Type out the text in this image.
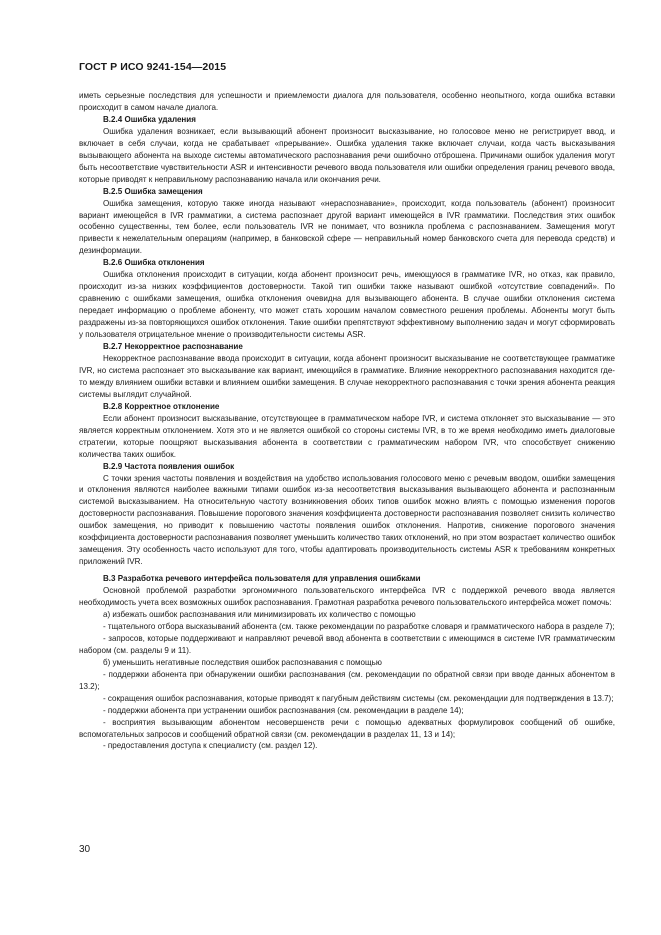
ГОСТ Р ИСО 9241-154—2015

иметь серьезные последствия для успешности и приемлемости диалога для пользователя, особенно неопытного, когда ошибка вставки происходит в самом начале диалога.

B.2.4 Ошибка удаления

Ошибка удаления возникает, если вызывающий абонент произносит высказывание, но голосовое меню не регистрирует ввод, и включает в себя случаи, когда не срабатывает «прерывание». Ошибка удаления также включает случаи, когда часть высказывания вызывающего абонента на выходе системы автоматического распознавания речи ошибочно отброшена. Причинами ошибок удаления могут быть несоответствие чувствительности ASR и интенсивности речевого ввода пользователя или ошибки определения границ речевого ввода, которые приводят к неправильному распознаванию начала или окончания речи.

B.2.5 Ошибка замещения

Ошибка замещения, которую также иногда называют «нераспознавание», происходит, когда пользователь (абонент) произносит вариант имеющейся в IVR грамматики, а система распознает другой вариант имеющейся в IVR грамматики. Последствия этих ошибок особенно существенны, тем более, если пользователь IVR не понимает, что возникла проблема с распознаванием. Замещения могут привести к нежелательным операциям (например, в банковской сфере — неправильный номер банковского счета для перевода средств) и дезинформации.

B.2.6 Ошибка отклонения

Ошибка отклонения происходит в ситуации, когда абонент произносит речь, имеющуюся в грамматике IVR, но отказ, как правило, происходит из-за низких коэффициентов достоверности. Такой тип ошибки также называют ошибкой «отсутствие совпадений». По сравнению с ошибками замещения, ошибка отклонения очевидна для вызывающего абонента. В случае ошибки отклонения система передает информацию о проблеме абоненту, что может стать хорошим началом совместного решения проблемы. Абоненты могут быть раздражены из-за повторяющихся ошибок отклонения. Такие ошибки препятствуют эффективному выполнению задач и могут сформировать у пользователя отрицательное мнение о производительности системы ASR.

B.2.7 Некорректное распознавание

Некорректное распознавание ввода происходит в ситуации, когда абонент произносит высказывание не соответствующее грамматике IVR, но система распознает это высказывание как вариант, имеющийся в грамматике. Влияние некорректного распознавания находится где-то между влиянием ошибки вставки и влиянием ошибки замещения. В случае некорректного распознавания с точки зрения абонента реакция системы выглядит случайной.

B.2.8 Корректное отклонение

Если абонент произносит высказывание, отсутствующее в грамматическом наборе IVR, и система отклоняет это высказывание — это является корректным отклонением. Хотя это и не является ошибкой со стороны системы IVR, в то же время необходимо иметь диалоговые стратегии, которые поощряют высказывания абонента в соответствии с грамматическим набором IVR, что способствует снижению количества таких ошибок.

B.2.9 Частота появления ошибок

С точки зрения частоты появления и воздействия на удобство использования голосового меню с речевым вводом, ошибки замещения и отклонения являются наиболее важными типами ошибок из-за несоответствия высказывания вызывающего абонента и распознанным системой высказыванием. На относительную частоту возникновения обоих типов ошибок можно влиять с помощью изменения порогов достоверности распознавания. Повышение порогового значения коэффициента достоверности распознавания позволяет снизить количество ошибок замещения, но приводит к повышению частоты появления ошибок отклонения. Напротив, снижение порогового значения коэффициента достоверности распознавания позволяет уменьшить количество таких отклонений, но при этом возрастает количество ошибок замещения. Эту особенность часто используют для того, чтобы адаптировать производительность системы ASR к требованиям конкретных приложений IVR.

B.3 Разработка речевого интерфейса пользователя для управления ошибками

Основной проблемой разработки эргономичного пользовательского интерфейса IVR с поддержкой речевого ввода является необходимость учета всех возможных ошибок распознавания. Грамотная разработка речевого пользовательского интерфейса может помочь:

а) избежать ошибок распознавания или минимизировать их количество с помощью

- тщательного отбора высказываний абонента (см. также рекомендации по разработке словаря и грамматического набора в разделе 7);

- запросов, которые поддерживают и направляют речевой ввод абонента в соответствии с имеющимся в системе IVR грамматическим набором (см. разделы 9 и 11).

б) уменьшить негативные последствия ошибок распознавания с помощью

- поддержки абонента при обнаружении ошибки распознавания (см. рекомендации по обратной связи при вводе данных абонентом в 13.2);

- сокращения ошибок распознавания, которые приводят к пагубным действиям системы (см. рекомендации для подтверждения в 13.7);

- поддержки абонента при устранении ошибок распознавания (см. рекомендации в разделе 14);

- восприятия вызывающим абонентом несовершенств речи с помощью адекватных формулировок сообщений об ошибке, вспомогательных запросов и сообщений обратной связи (см. рекомендации в разделах 11, 13 и 14);

- предоставления доступа к специалисту (см. раздел 12).

30
